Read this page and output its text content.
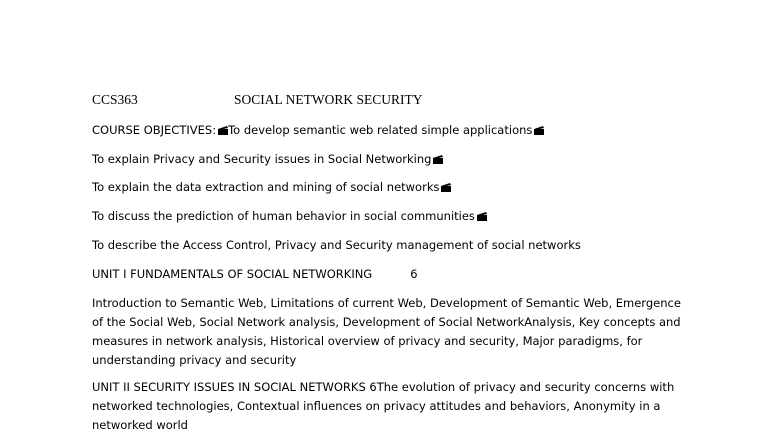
CCS363	SOCIAL NETWORK SECURITY
COURSE OBJECTIVES: To develop semantic web related simple applications
To explain Privacy and Security issues in Social Networking
To explain the data extraction and mining of social networks
To discuss the prediction of human behavior in social communities
To describe the Access Control, Privacy and Security management of social networks
UNIT I FUNDAMENTALS OF SOCIAL NETWORKING	6
Introduction to Semantic Web, Limitations of current Web, Development of Semantic Web, Emergence
of the Social Web, Social Network analysis, Development of Social NetworkAnalysis, Key concepts and
measures in network analysis, Historical overview of privacy and security, Major paradigms, for
understanding privacy and security
UNIT II SECURITY ISSUES IN SOCIAL NETWORKS 6The evolution of privacy and security concerns with
networked technologies, Contextual influences on privacy attitudes and behaviors, Anonymity in a
networked world
